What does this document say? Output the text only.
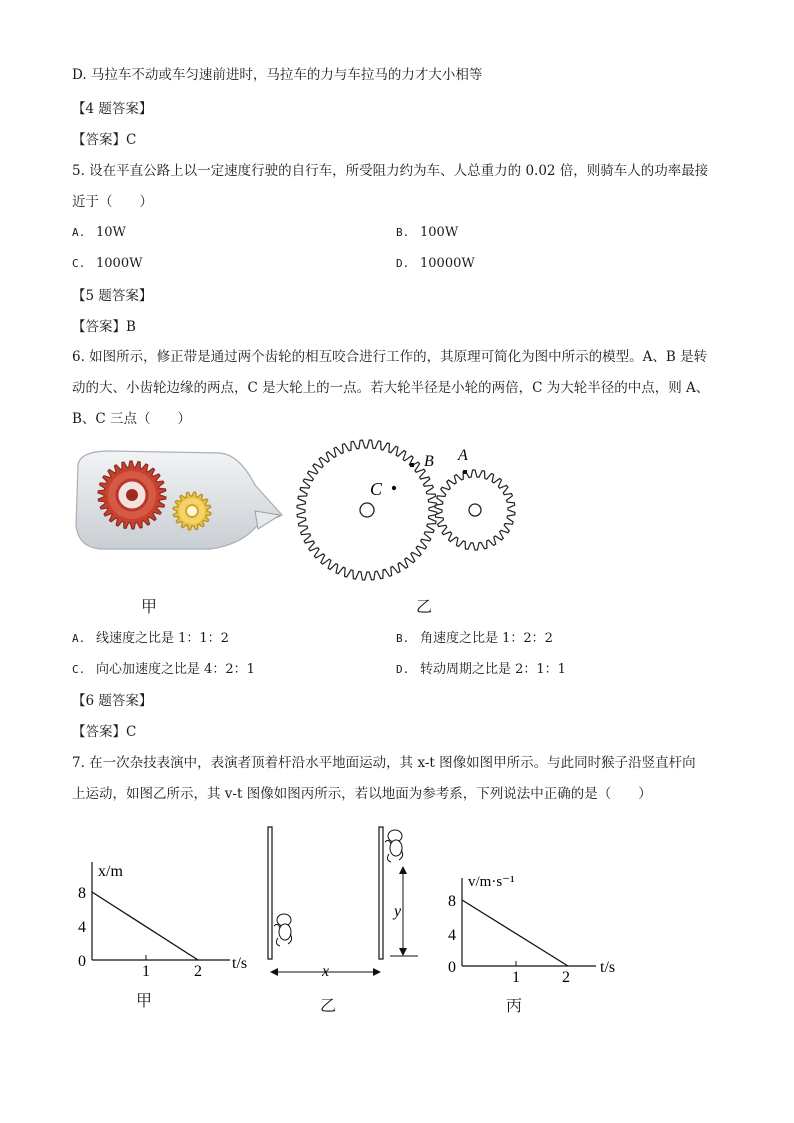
D. 马拉车不动或车匀速前进时，马拉车的力与车拉马的力才大小相等
【4 题答案】
【答案】C
5. 设在平直公路上以一定速度行驶的自行车，所受阻力约为车、人总重力的 0.02 倍，则骑车人的功率最接
近于（　　）
A. 10W	B. 100W
C. 1000W	D. 10000W
【5 题答案】
【答案】B
6. 如图所示，修正带是通过两个齿轮的相互咬合进行工作的，其原理可简化为图中所示的模型。A、B 是转
动的大、小齿轮边缘的两点，C 是大轮上的一点。若大轮半径是小轮的两倍，C 为大轮半径的中点，则 A、
B、C 三点（　　）
甲
C
B A
乙
A. 线速度之比是 1：1：2	B. 角速度之比是 1：2：2
C. 向心加速度之比是 4：2：1	D. 转动周期之比是 2：1：1
【6 题答案】
【答案】C
7. 在一次杂技表演中，表演者顶着杆沿水平地面运动，其 x-t 图像如图甲所示。与此同时猴子沿竖直杆向
上运动，如图乙所示，其 v-t 图像如图丙所示，若以地面为参考系，下列说法中正确的是（　　）
x/m
8
4
0
1	2 t/s
甲
y
x
乙
v/m·s⁻¹
8
4
0
1	2
t/s
丙
